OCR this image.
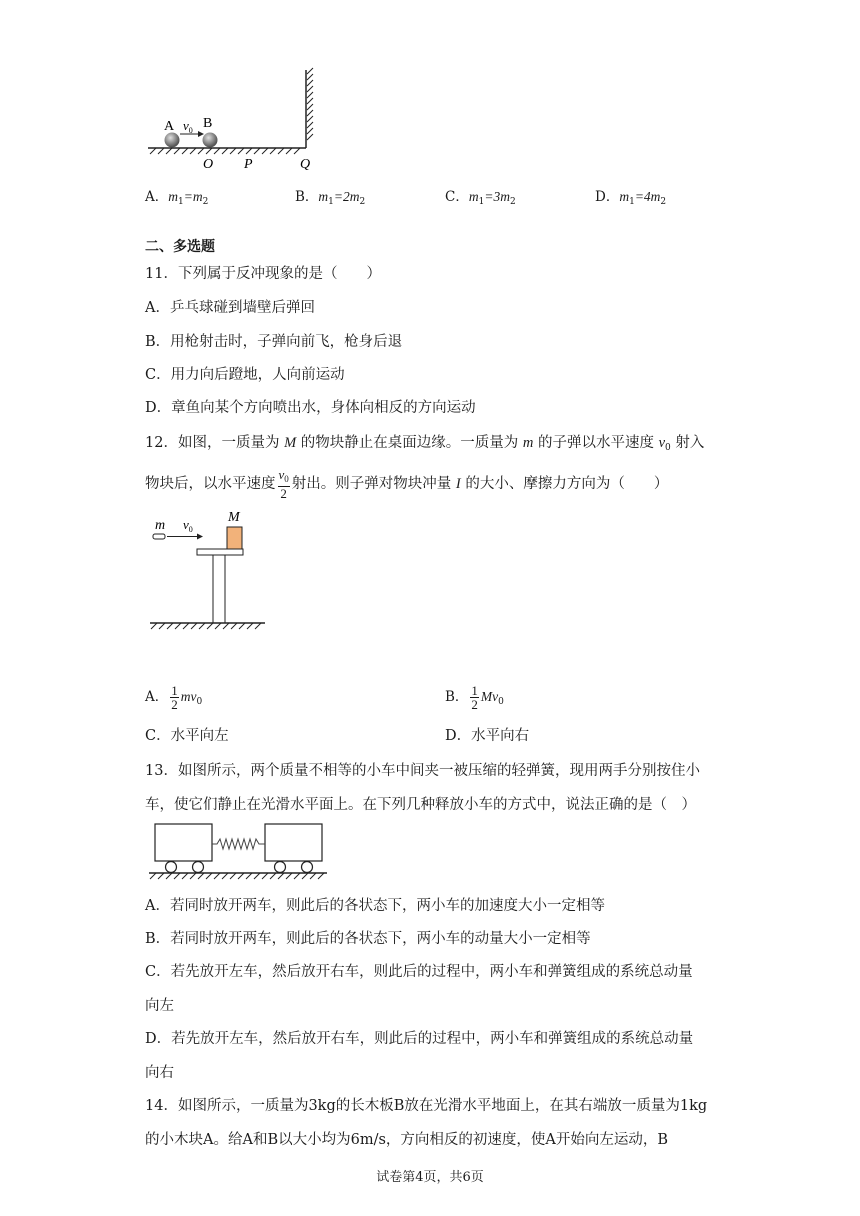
A B
$v_0$
O P	Q
A．$m_1=m_2$	B．$m_1=2m_2$	C．$m_1=3m_2$	D．$m_1=4m_2$
二、多选题
11．下列属于反冲现象的是（　　）
A．乒乓球碰到墙壁后弹回
B．用枪射击时，子弹向前飞，枪身后退
C．用力向后蹬地，人向前运动
D．章鱼向某个方向喷出水，身体向相反的方向运动
12．如图，一质量为 M 的物块静止在桌面边缘。一质量为 m 的子弹以水平速度 $v_0$ 射入
物块后，以水平速度 $\frac{v_0}{2}$ 射出。则子弹对物块冲量 I 的大小、摩擦力方向为（　　）
m $v_0$
M
A． $\frac{1}{2} mv_0$	B． $\frac{1}{2} Mv_0$
C．水平向左	D．水平向右
13．如图所示，两个质量不相等的小车中间夹一被压缩的轻弹簧，现用两手分别按住小
车，使它们静止在光滑水平面上。在下列几种释放小车的方式中，说法正确的是（　）
A．若同时放开两车，则此后的各状态下，两小车的加速度大小一定相等
B．若同时放开两车，则此后的各状态下，两小车的动量大小一定相等
C．若先放开左车，然后放开右车，则此后的过程中，两小车和弹簧组成的系统总动量
向左
D．若先放开左车，然后放开右车，则此后的过程中，两小车和弹簧组成的系统总动量
向右
14．如图所示，一质量为3kg的长木板B放在光滑水平地面上，在其右端放一质量为1kg
的小木块A。给A和B以大小均为6m/s，方向相反的初速度，使A开始向左运动，B
试卷第4页，共6页
